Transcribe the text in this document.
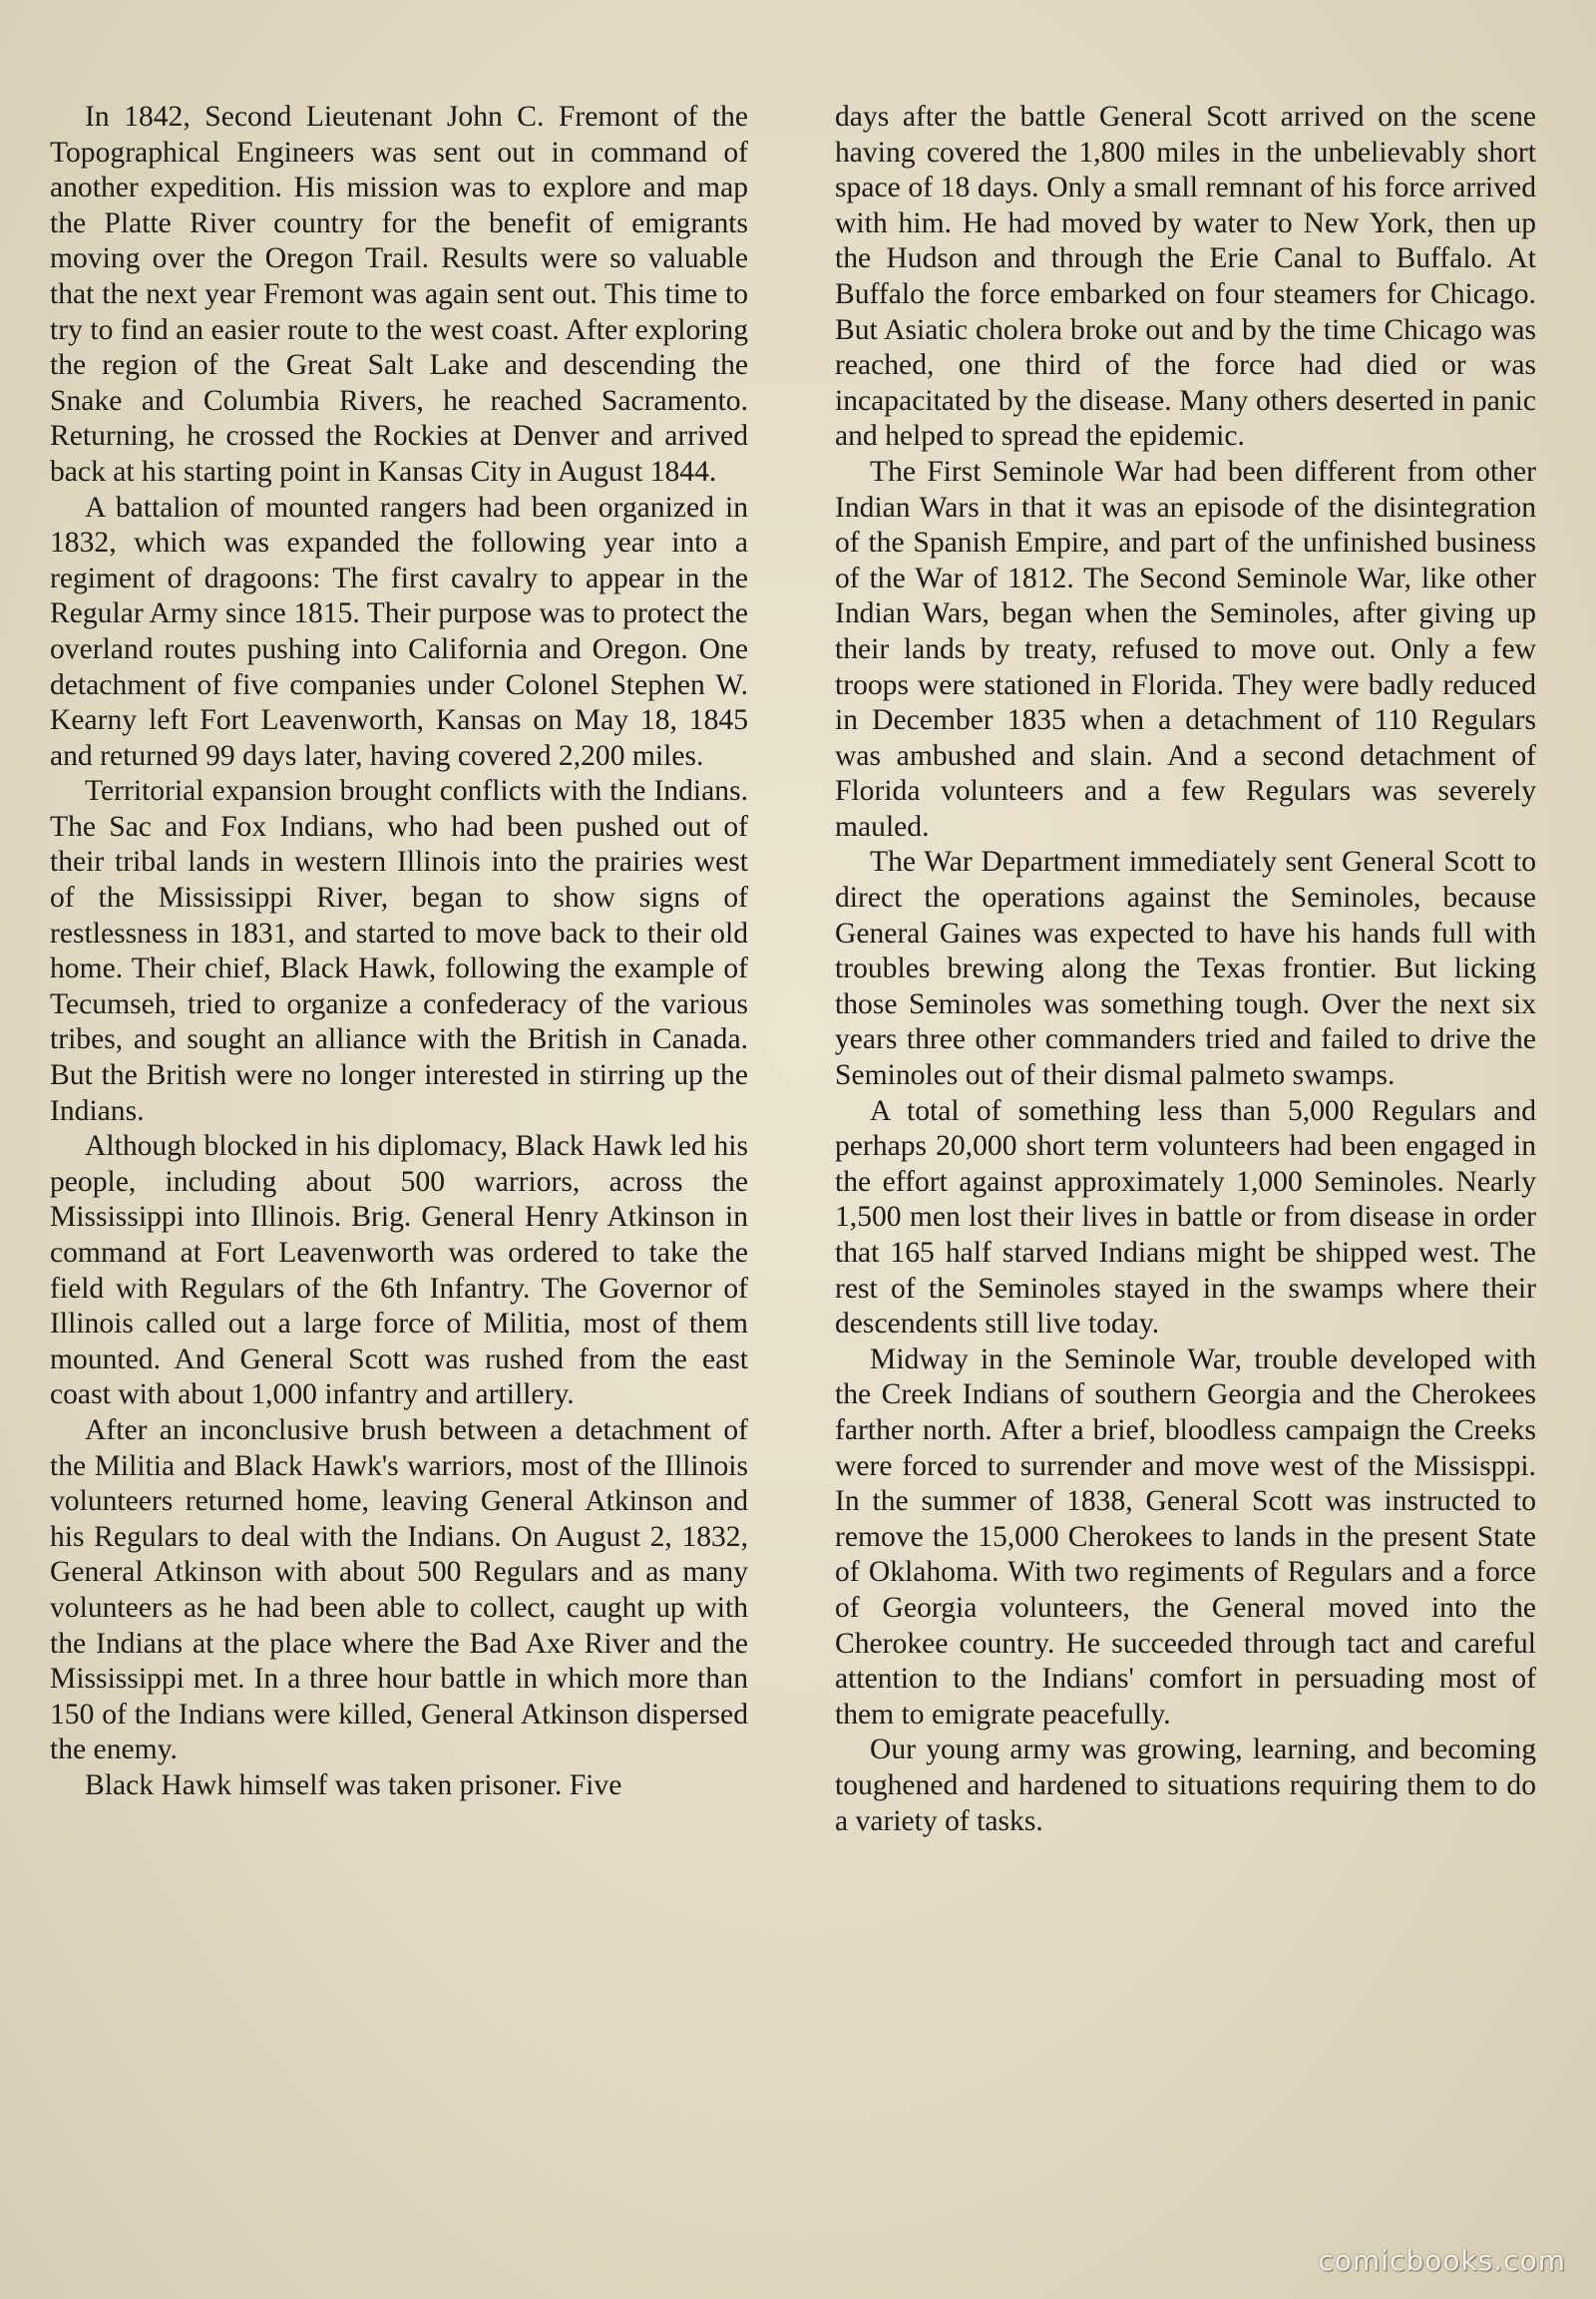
In 1842, Second Lieutenant John C. Fremont of the Topographical Engineers was sent out in command of another expedition. His mission was to explore and map the Platte River country for the benefit of emigrants moving over the Oregon Trail. Results were so valuable that the next year Fremont was again sent out. This time to try to find an easier route to the west coast. After exploring the region of the Great Salt Lake and descending the Snake and Columbia Rivers, he reached Sacramento. Returning, he crossed the Rockies at Denver and arrived back at his starting point in Kansas City in August 1844.

A battalion of mounted rangers had been organized in 1832, which was expanded the following year into a regiment of dragoons: The first cavalry to appear in the Regular Army since 1815. Their purpose was to protect the overland routes pushing into California and Oregon. One detachment of five companies under Colonel Stephen W. Kearny left Fort Leavenworth, Kansas on May 18, 1845 and returned 99 days later, having covered 2,200 miles.

Territorial expansion brought conflicts with the Indians. The Sac and Fox Indians, who had been pushed out of their tribal lands in western Illinois into the prairies west of the Mississippi River, began to show signs of restlessness in 1831, and started to move back to their old home. Their chief, Black Hawk, following the example of Tecumseh, tried to organize a confederacy of the various tribes, and sought an alliance with the British in Canada. But the British were no longer interested in stirring up the Indians.

Although blocked in his diplomacy, Black Hawk led his people, including about 500 warriors, across the Mississippi into Illinois. Brig. General Henry Atkinson in command at Fort Leavenworth was ordered to take the field with Regulars of the 6th Infantry. The Governor of Illinois called out a large force of Militia, most of them mounted. And General Scott was rushed from the east coast with about 1,000 infantry and artillery.

After an inconclusive brush between a detachment of the Militia and Black Hawk's warriors, most of the Illinois volunteers returned home, leaving General Atkinson and his Regulars to deal with the Indians. On August 2, 1832, General Atkinson with about 500 Regulars and as many volunteers as he had been able to collect, caught up with the Indians at the place where the Bad Axe River and the Mississippi met. In a three hour battle in which more than 150 of the Indians were killed, General Atkinson dispersed the enemy.

Black Hawk himself was taken prisoner. Five

days after the battle General Scott arrived on the scene having covered the 1,800 miles in the unbelievably short space of 18 days. Only a small remnant of his force arrived with him. He had moved by water to New York, then up the Hudson and through the Erie Canal to Buffalo. At Buffalo the force embarked on four steamers for Chicago. But Asiatic cholera broke out and by the time Chicago was reached, one third of the force had died or was incapacitated by the disease. Many others deserted in panic and helped to spread the epidemic.

The First Seminole War had been different from other Indian Wars in that it was an episode of the disintegration of the Spanish Empire, and part of the unfinished business of the War of 1812. The Second Seminole War, like other Indian Wars, began when the Seminoles, after giving up their lands by treaty, refused to move out. Only a few troops were stationed in Florida. They were badly reduced in December 1835 when a detachment of 110 Regulars was ambushed and slain. And a second detachment of Florida volunteers and a few Regulars was severely mauled.

The War Department immediately sent General Scott to direct the operations against the Seminoles, because General Gaines was expected to have his hands full with troubles brewing along the Texas frontier. But licking those Seminoles was something tough. Over the next six years three other commanders tried and failed to drive the Seminoles out of their dismal palmeto swamps.

A total of something less than 5,000 Regulars and perhaps 20,000 short term volunteers had been engaged in the effort against approximately 1,000 Seminoles. Nearly 1,500 men lost their lives in battle or from disease in order that 165 half starved Indians might be shipped west. The rest of the Seminoles stayed in the swamps where their descendents still live today.

Midway in the Seminole War, trouble developed with the Creek Indians of southern Georgia and the Cherokees farther north. After a brief, bloodless campaign the Creeks were forced to surrender and move west of the Missisppi. In the summer of 1838, General Scott was instructed to remove the 15,000 Cherokees to lands in the present State of Oklahoma. With two regiments of Regulars and a force of Georgia volunteers, the General moved into the Cherokee country. He succeeded through tact and careful attention to the Indians' comfort in persuading most of them to emigrate peacefully.

Our young army was growing, learning, and becoming toughened and hardened to situations requiring them to do a variety of tasks.

comicbooks.com
